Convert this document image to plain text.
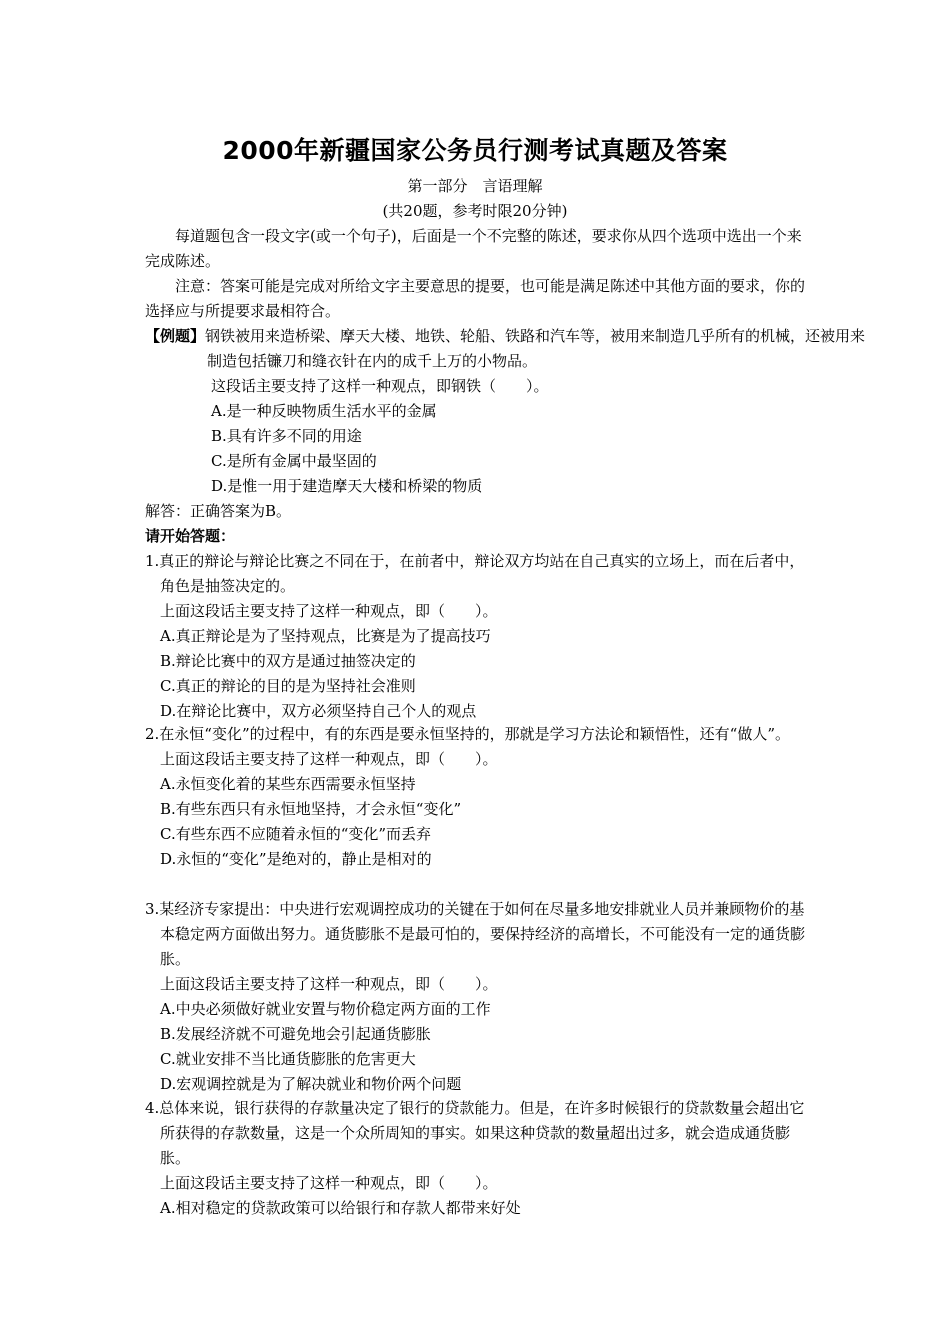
2000年新疆国家公务员行测考试真题及答案
第一部分　言语理解
(共20题，参考时限20分钟)

每道题包含一段文字(或一个句子)，后面是一个不完整的陈述，要求你从四个选项中选出一个来完成陈述。

注意：答案可能是完成对所给文字主要意思的提要，也可能是满足陈述中其他方面的要求，你的选择应与所提要求最相符合。

【例题】钢铁被用来造桥梁、摩天大楼、地铁、轮船、铁路和汽车等，被用来制造几乎所有的机械，还被用来制造包括镰刀和缝衣针在内的成千上万的小物品。
这段话主要支持了这样一种观点，即钢铁（　　）。
A.是一种反映物质生活水平的金属
B.具有许多不同的用途
C.是所有金属中最坚固的
D.是惟一用于建造摩天大楼和桥梁的物质
解答：正确答案为B。
请开始答题：

1.真正的辩论与辩论比赛之不同在于，在前者中，辩论双方均站在自己真实的立场上，而在后者中，角色是抽签决定的。

上面这段话主要支持了这样一种观点，即（　　）。

A.真正辩论是为了坚持观点，比赛是为了提高技巧

B.辩论比赛中的双方是通过抽签决定的

C.真正的辩论的目的是为坚持社会准则

D.在辩论比赛中，双方必须坚持自己个人的观点

2.在永恒“变化”的过程中，有的东西是要永恒坚持的，那就是学习方法论和颖悟性，还有“做人”。

上面这段话主要支持了这样一种观点，即（　　）。

A.永恒变化着的某些东西需要永恒坚持

B.有些东西只有永恒地坚持，才会永恒“变化”

C.有些东西不应随着永恒的“变化”而丢弃

D.永恒的“变化”是绝对的，静止是相对的

3.某经济专家提出：中央进行宏观调控成功的关键在于如何在尽量多地安排就业人员并兼顾物价的基本稳定两方面做出努力。通货膨胀不是最可怕的，要保持经济的高增长，不可能没有一定的通货膨胀。

上面这段话主要支持了这样一种观点，即（　　）。

A.中央必须做好就业安置与物价稳定两方面的工作

B.发展经济就不可避免地会引起通货膨胀

C.就业安排不当比通货膨胀的危害更大

D.宏观调控就是为了解决就业和物价两个问题

4.总体来说，银行获得的存款量决定了银行的贷款能力。但是，在许多时候银行的贷款数量会超出它所获得的存款数量，这是一个众所周知的事实。如果这种贷款的数量超出过多，就会造成通货膨胀。

上面这段话主要支持了这样一种观点，即（　　）。

A.相对稳定的贷款政策可以给银行和存款人都带来好处
